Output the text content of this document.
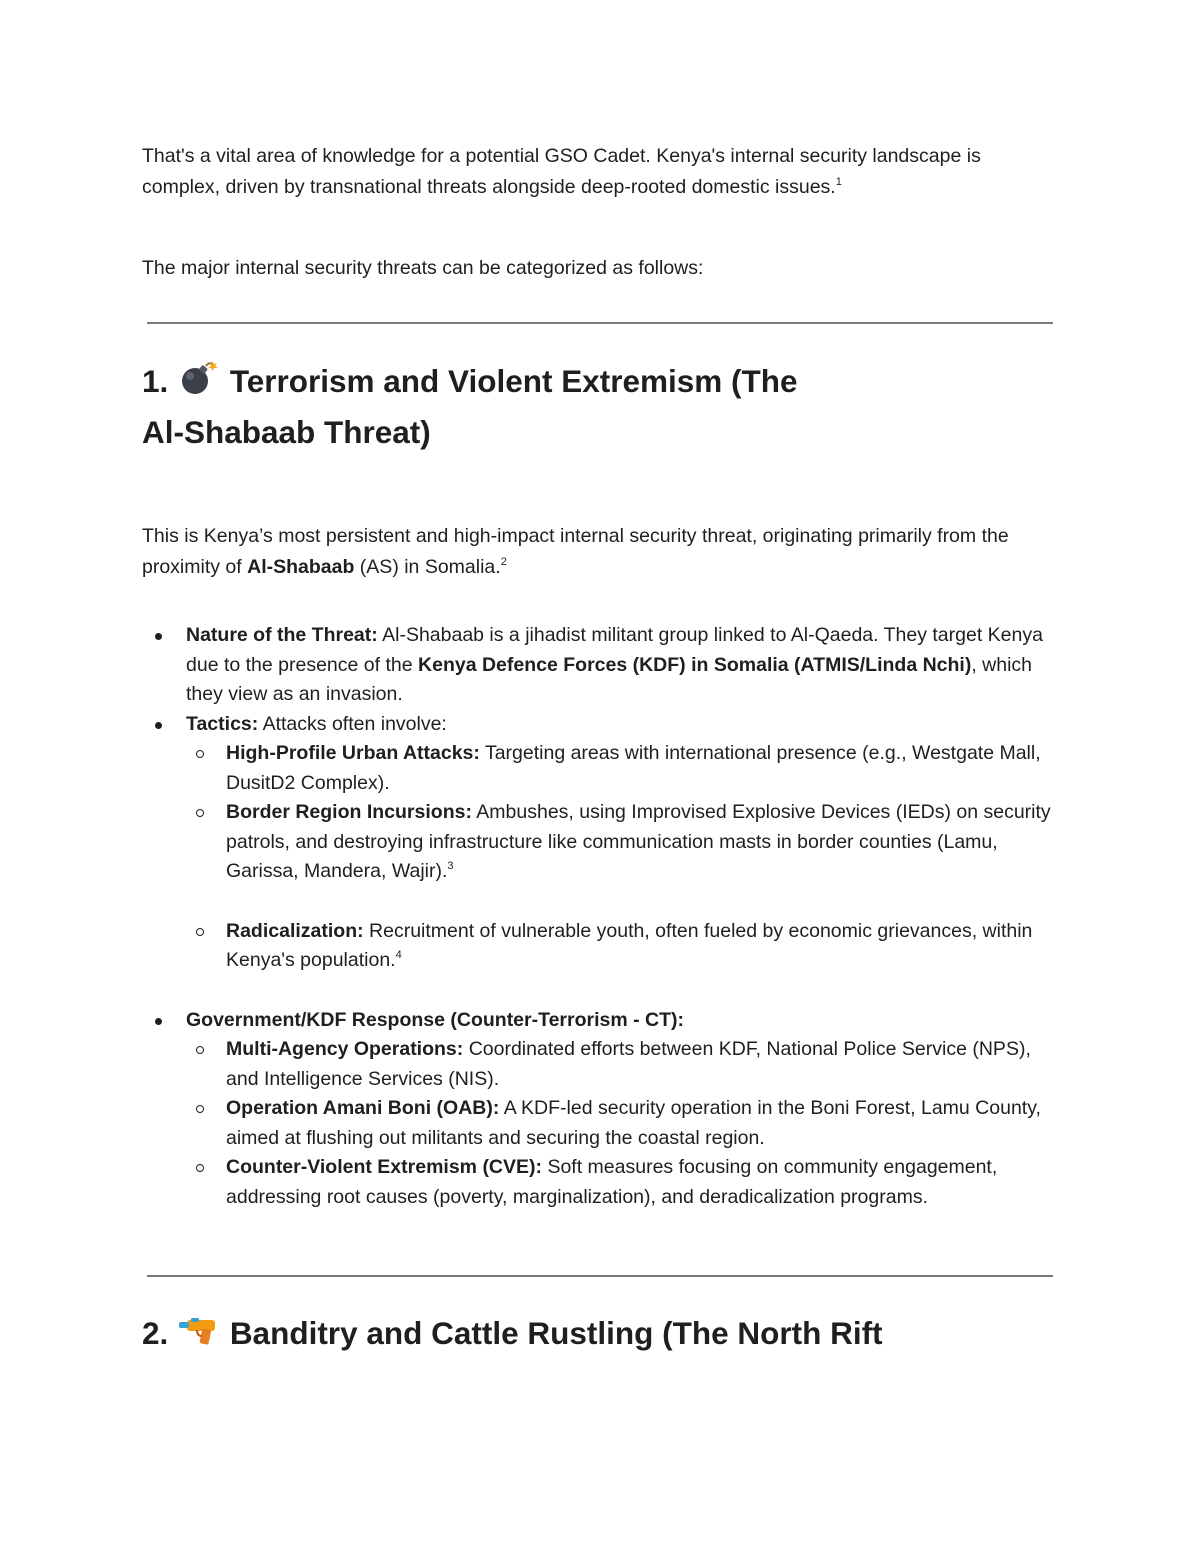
That's a vital area of knowledge for a potential GSO Cadet. Kenya's internal security landscape is complex, driven by transnational threats alongside deep-rooted domestic issues.$^1$

The major internal security threats can be categorized as follows:

1. Terrorism and Violent Extremism (The
Al-Shabaab Threat)

This is Kenya’s most persistent and high-impact internal security threat, originating primarily from the proximity of Al-Shabaab (AS) in Somalia.$^2$

Nature of the Threat: Al-Shabaab is a jihadist militant group linked to Al-Qaeda. They target Kenya due to the presence of the Kenya Defence Forces (KDF) in Somalia (ATMIS/Linda Nchi), which they view as an invasion.
Tactics: Attacks often involve:
High-Profile Urban Attacks: Targeting areas with international presence (e.g., Westgate Mall, DusitD2 Complex).
Border Region Incursions: Ambushes, using Improvised Explosive Devices (IEDs) on security patrols, and destroying infrastructure like communication masts in border counties (Lamu, Garissa, Mandera, Wajir).$^3$
Radicalization: Recruitment of vulnerable youth, often fueled by economic grievances, within Kenya's population.$^4$
Government/KDF Response (Counter-Terrorism - CT):
Multi-Agency Operations: Coordinated efforts between KDF, National Police Service (NPS), and Intelligence Services (NIS).
Operation Amani Boni (OAB): A KDF-led security operation in the Boni Forest, Lamu County, aimed at flushing out militants and securing the coastal region.
Counter-Violent Extremism (CVE): Soft measures focusing on community engagement, addressing root causes (poverty, marginalization), and deradicalization programs.
2. Banditry and Cattle Rustling (The North Rift
